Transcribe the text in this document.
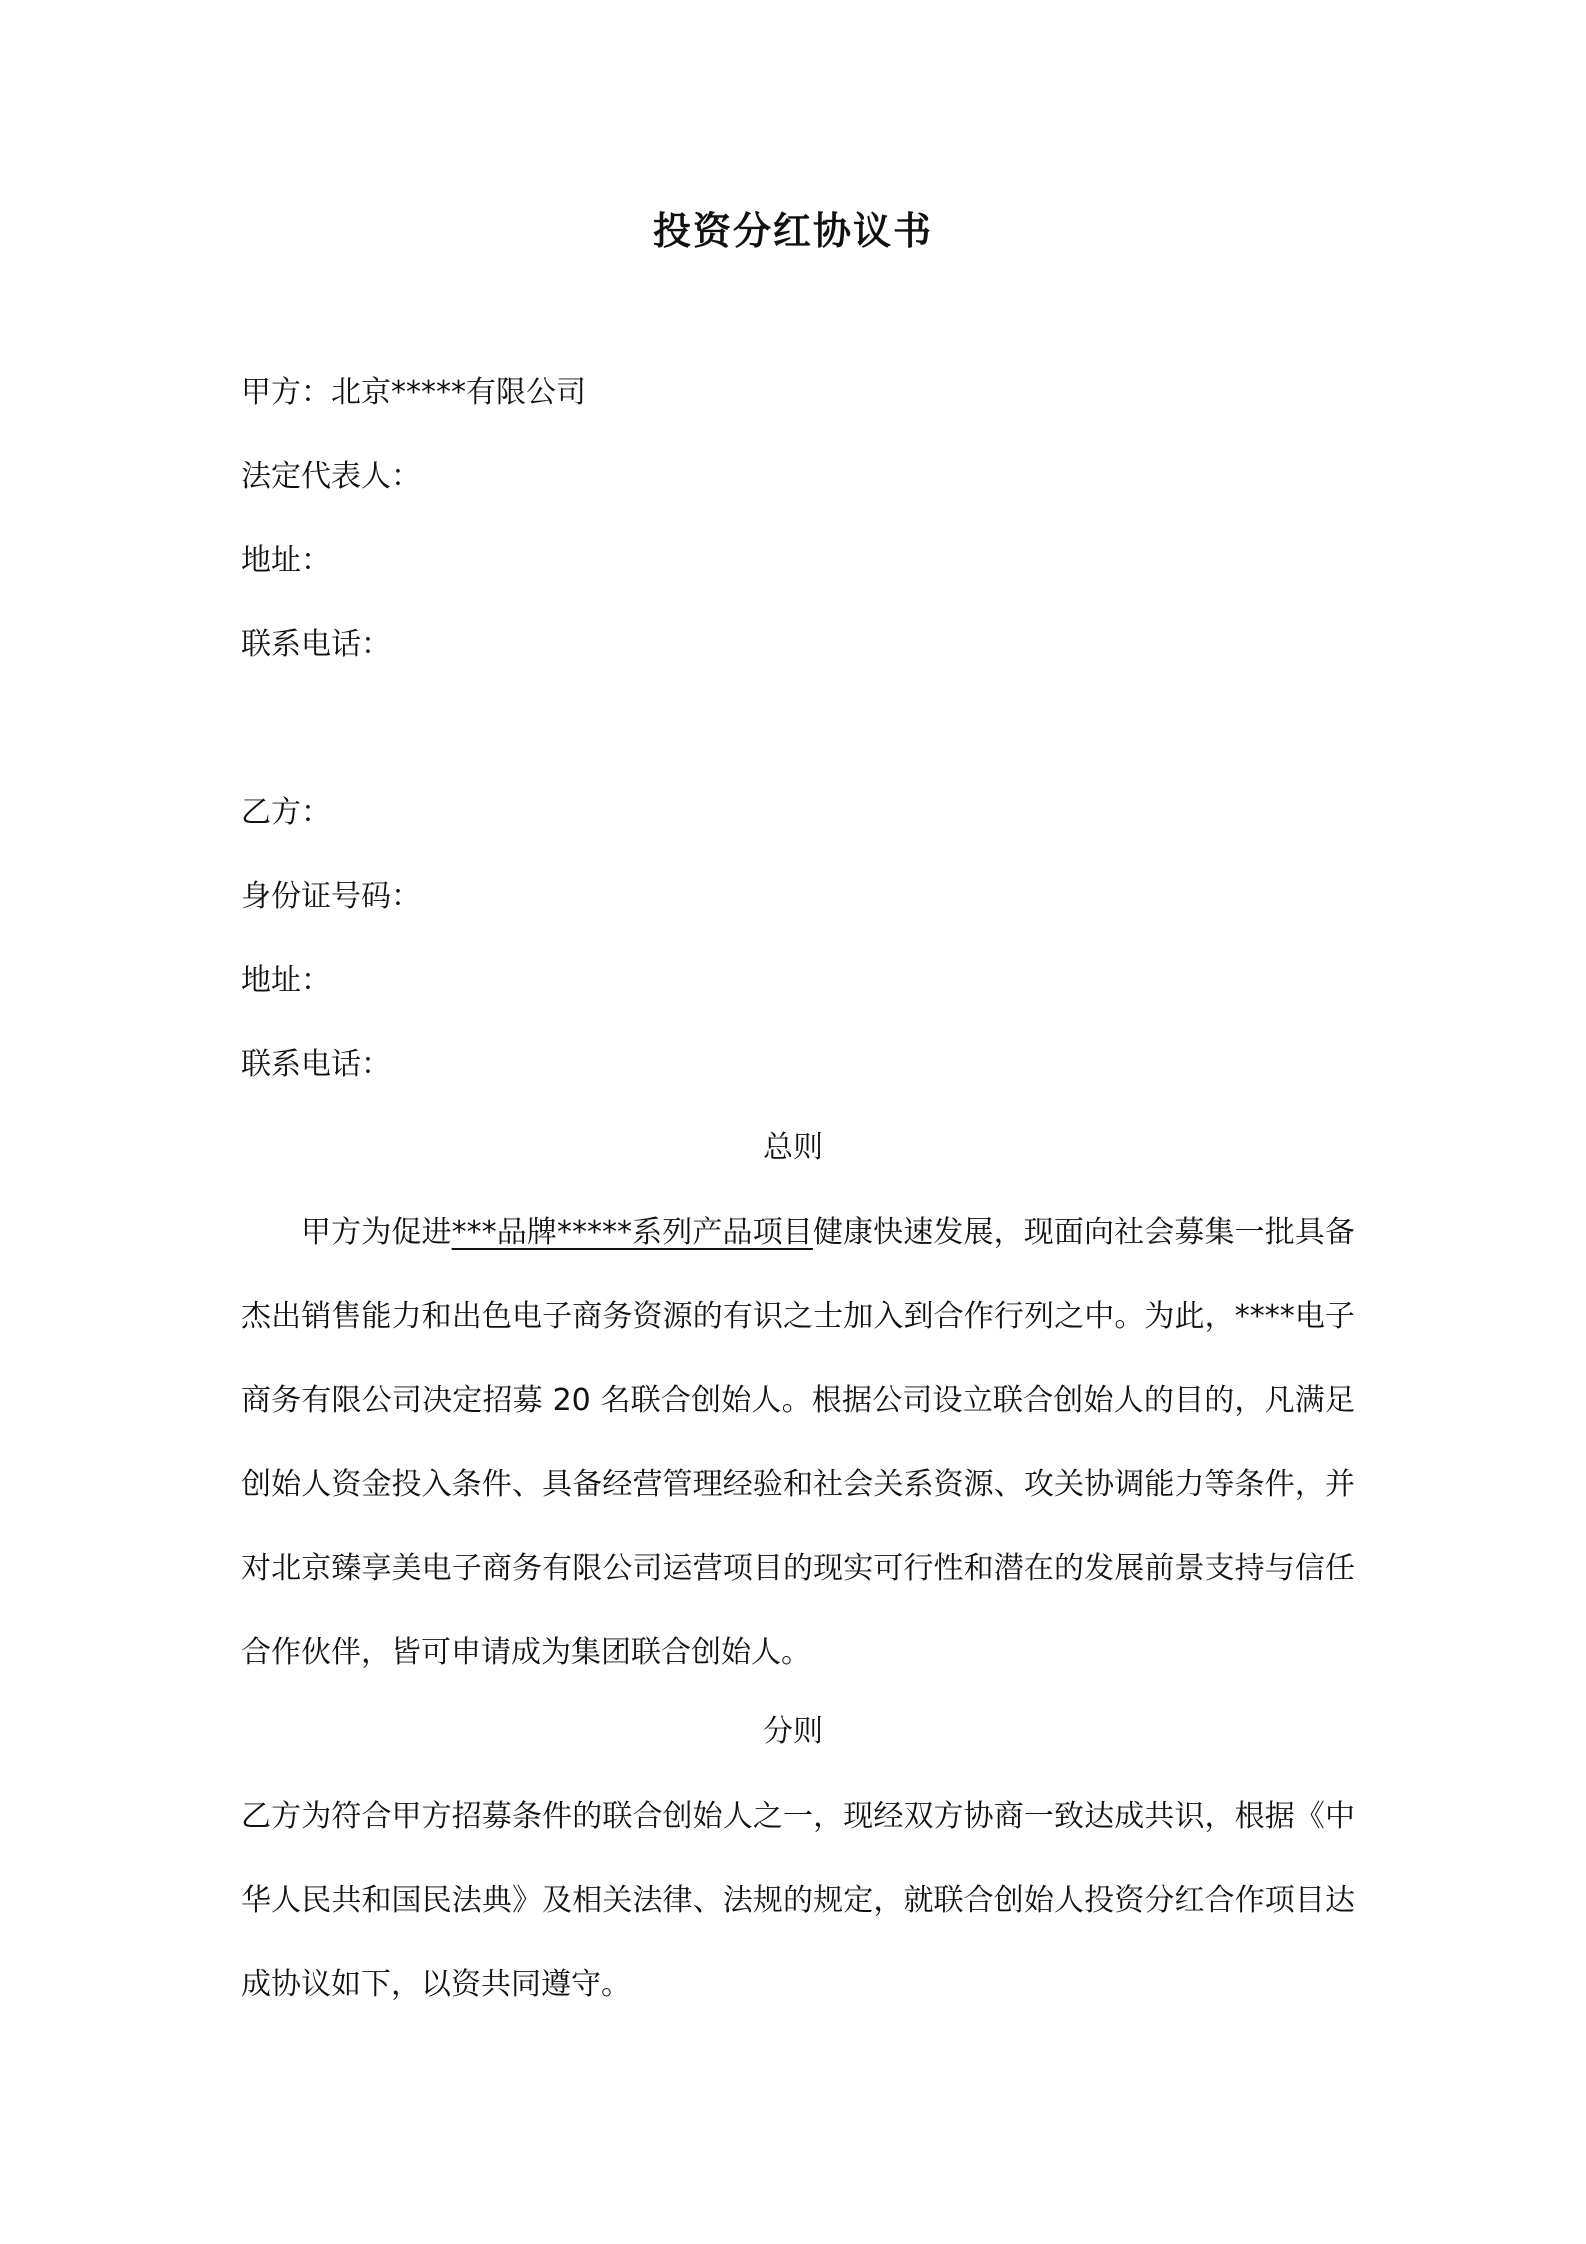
投资分红协议书
甲方：北京*****有限公司
法定代表人：
地址：
联系电话：
乙方：
身份证号码：
地址：
联系电话：
总则
甲方为促进***品牌*****系列产品项目健康快速发展，现面向社会募集一批具备杰出销售能力和出色电子商务资源的有识之士加入到合作行列之中。为此，****电子商务有限公司决定招募 20 名联合创始人。根据公司设立联合创始人的目的，凡满足创始人资金投入条件、具备经营管理经验和社会关系资源、攻关协调能力等条件，并对北京臻享美电子商务有限公司运营项目的现实可行性和潜在的发展前景支持与信任合作伙伴，皆可申请成为集团联合创始人。
分则
乙方为符合甲方招募条件的联合创始人之一，现经双方协商一致达成共识，根据《中华人民共和国民法典》及相关法律、法规的规定，就联合创始人投资分红合作项目达成协议如下，以资共同遵守。
